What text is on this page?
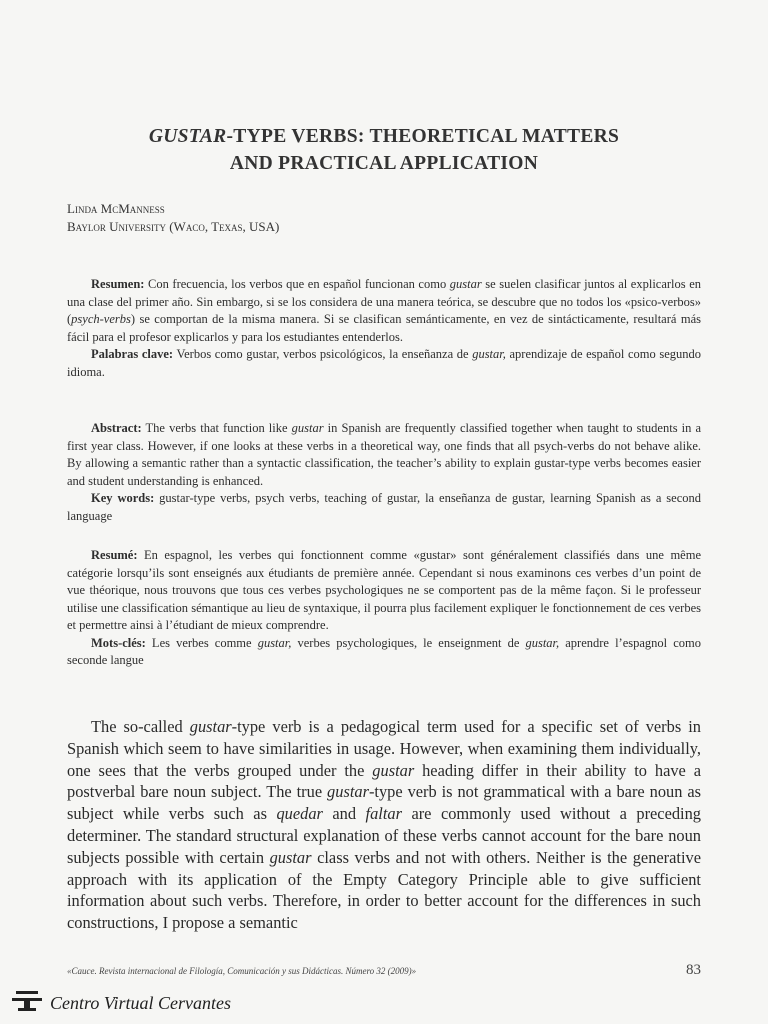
GUSTAR-TYPE VERBS: THEORETICAL MATTERS
AND PRACTICAL APPLICATION
Linda McManness
Baylor University (Waco, Texas, USA)

Resumen: Con frecuencia, los verbos que en español funcionan como gustar se suelen clasificar juntos al explicarlos en una clase del primer año. Sin embargo, si se los considera de una manera teórica, se descubre que no todos los «psico-verbos» (psych-verbs) se comportan de la misma manera. Si se clasifican semánticamente, en vez de sintácticamente, resultará más fácil para el profesor explicarlos y para los estudiantes entenderlos.

Palabras clave: Verbos como gustar, verbos psicológicos, la enseñanza de gustar, aprendizaje de español como segundo idioma.

Abstract: The verbs that function like gustar in Spanish are frequently classified together when taught to students in a first year class. However, if one looks at these verbs in a theoretical way, one finds that all psych-verbs do not behave alike. By allowing a semantic rather than a syntactic classification, the teacher’s ability to explain gustar-type verbs becomes easier and student understanding is enhanced.

Key words: gustar-type verbs, psych verbs, teaching of gustar, la enseñanza de gustar, learning Spanish as a second language

Resumé: En espagnol, les verbes qui fonctionnent comme «gustar» sont généralement classifiés dans une même catégorie lorsqu’ils sont enseignés aux étudiants de première année. Cependant si nous examinons ces verbes d’un point de vue théorique, nous trouvons que tous ces verbes psychologiques ne se comportent pas de la même façon. Si le professeur utilise une classification sémantique au lieu de syntaxique, il pourra plus facilement expliquer le fonctionnement de ces verbes et permettre ainsi à l’étudiant de mieux comprendre.

Mots-clés: Les verbes comme gustar, verbes psychologiques, le enseignment de gustar, aprendre l’espagnol como seconde langue

The so-called gustar-type verb is a pedagogical term used for a specific set of verbs in Spanish which seem to have similarities in usage. However, when examining them individually, one sees that the verbs grouped under the gustar heading differ in their ability to have a postverbal bare noun subject. The true gustar-type verb is not grammatical with a bare noun as subject while verbs such as quedar and faltar are commonly used without a preceding determiner. The standard structural explanation of these verbs cannot account for the bare noun subjects possible with certain gustar class verbs and not with others. Neither is the generative approach with its application of the Empty Category Principle able to give sufficient information about such verbs. Therefore, in order to better account for the differences in such constructions, I propose a semantic

«Cauce. Revista internacional de Filología, Comunicación y sus Didácticas. Número 32 (2009)»	83
Centro Virtual Cervantes
